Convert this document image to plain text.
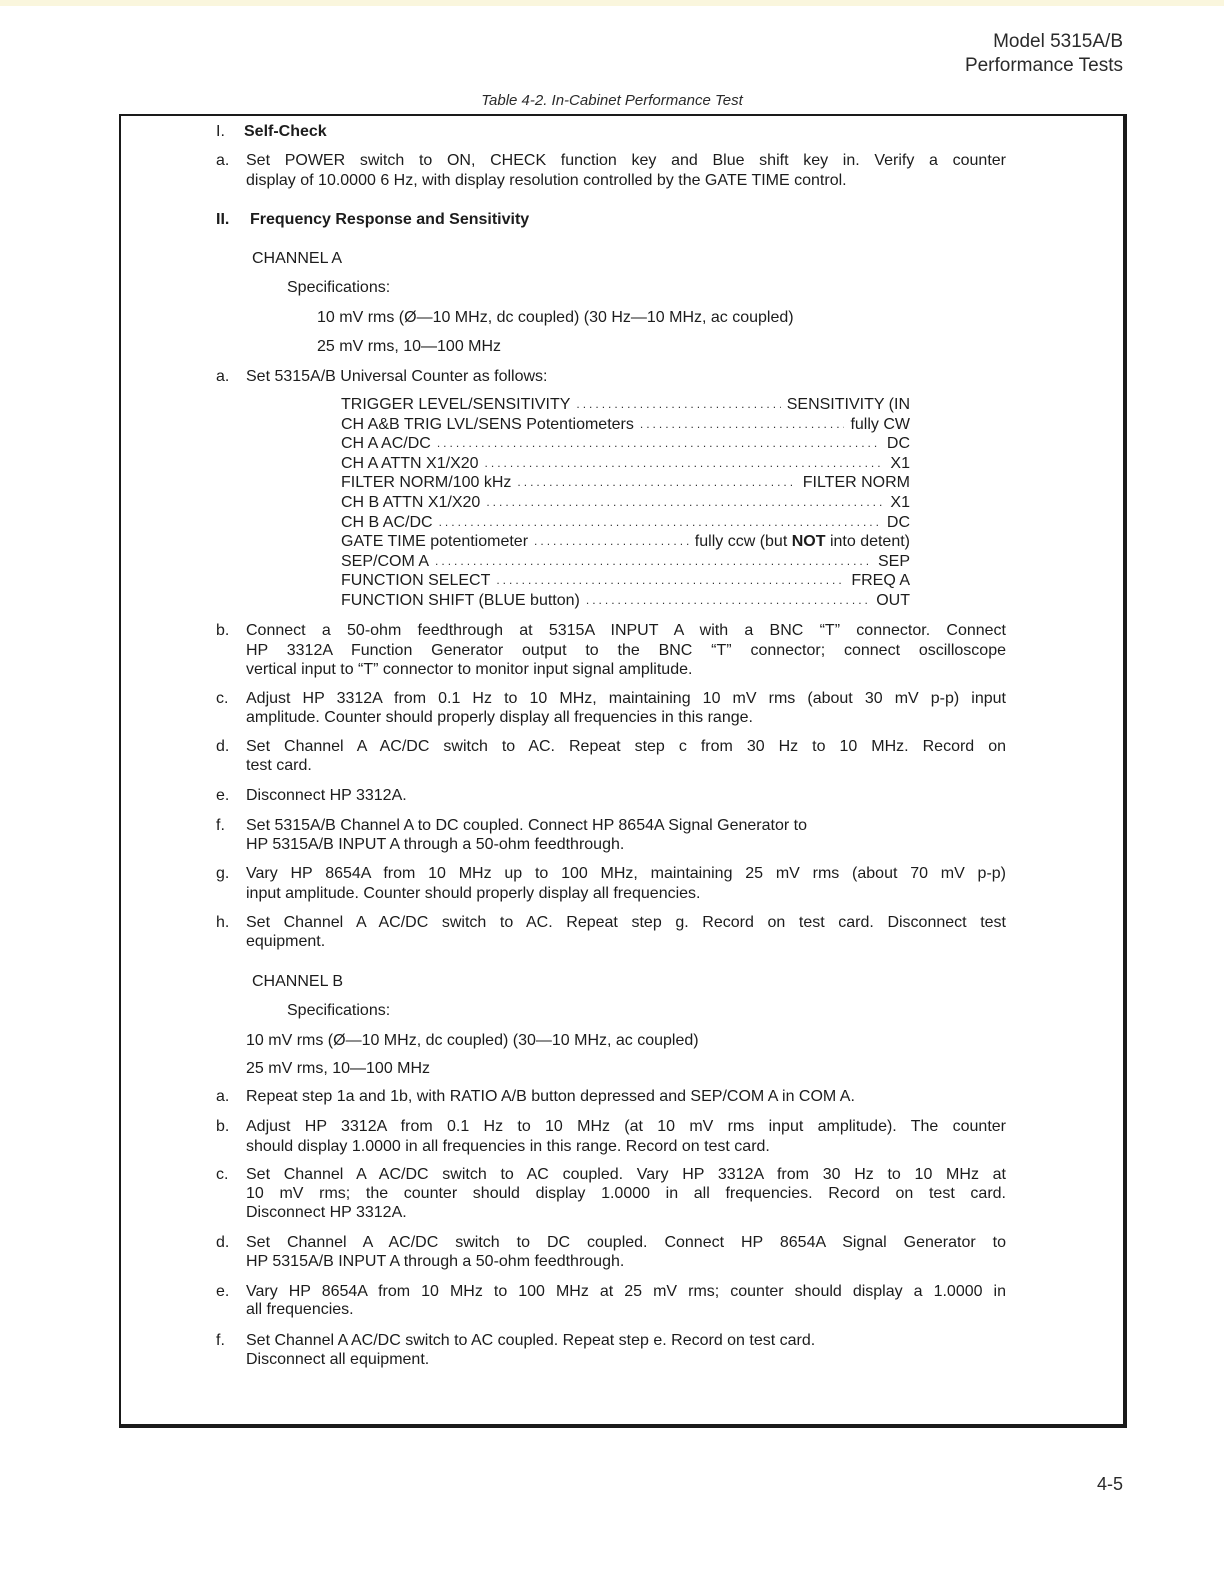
Model 5315A/B
Performance Tests
Table 4-2. In-Cabinet Performance Test
I. Self-Check
a. Set POWER switch to ON, CHECK function key and Blue shift key in. Verify a counter
display of 10.0000 6 Hz, with display resolution controlled by the GATE TIME control.
II. Frequency Response and Sensitivity
CHANNEL A
Specifications:
10 mV rms (Ø—10 MHz, dc coupled) (30 Hz—10 MHz, ac coupled)
25 mV rms, 10—100 MHz
a. Set 5315A/B Universal Counter as follows:
TRIGGER LEVEL/SENSITIVITY .....	SENSITIVITY (IN
CH A&B TRIG LVL/SENS Potentiometers .....	fully CW
CH A AC/DC .....	DC
CH A ATTN X1/X20 .....	X1
FILTER NORM/100 kHz .....	FILTER NORM
CH B ATTN X1/X20 .....	X1
CH B AC/DC .....	DC
GATE TIME potentiometer .....	fully ccw (but NOT into detent)
SEP/COM A .....	SEP
FUNCTION SELECT .....	FREQ A
FUNCTION SHIFT (BLUE button) .....	OUT
b. Connect a 50-ohm feedthrough at 5315A INPUT A with a BNC “T” connector. Connect
HP 3312A Function Generator output to the BNC “T” connector; connect oscilloscope
vertical input to “T” connector to monitor input signal amplitude.
c. Adjust HP 3312A from 0.1 Hz to 10 MHz, maintaining 10 mV rms (about 30 mV p-p) input
amplitude. Counter should properly display all frequencies in this range.
d. Set Channel A AC/DC switch to AC. Repeat step c from 30 Hz to 10 MHz. Record on
test card.
e. Disconnect HP 3312A.
f. Set 5315A/B Channel A to DC coupled. Connect HP 8654A Signal Generator to
HP 5315A/B INPUT A through a 50-ohm feedthrough.
g. Vary HP 8654A from 10 MHz up to 100 MHz, maintaining 25 mV rms (about 70 mV p-p)
input amplitude. Counter should properly display all frequencies.
h. Set Channel A AC/DC switch to AC. Repeat step g. Record on test card. Disconnect test
equipment.
CHANNEL B
Specifications:
10 mV rms (Ø—10 MHz, dc coupled) (30—10 MHz, ac coupled)
25 mV rms, 10—100 MHz
a. Repeat step 1a and 1b, with RATIO A/B button depressed and SEP/COM A in COM A.
b. Adjust HP 3312A from 0.1 Hz to 10 MHz (at 10 mV rms input amplitude). The counter
should display 1.0000 in all frequencies in this range. Record on test card.
c. Set Channel A AC/DC switch to AC coupled. Vary HP 3312A from 30 Hz to 10 MHz at
10 mV rms; the counter should display 1.0000 in all frequencies. Record on test card.
Disconnect HP 3312A.
d. Set Channel A AC/DC switch to DC coupled. Connect HP 8654A Signal Generator to
HP 5315A/B INPUT A through a 50-ohm feedthrough.
e. Vary HP 8654A from 10 MHz to 100 MHz at 25 mV rms; counter should display a 1.0000 in
all frequencies.
f. Set Channel A AC/DC switch to AC coupled. Repeat step e. Record on test card.
Disconnect all equipment.
4-5
